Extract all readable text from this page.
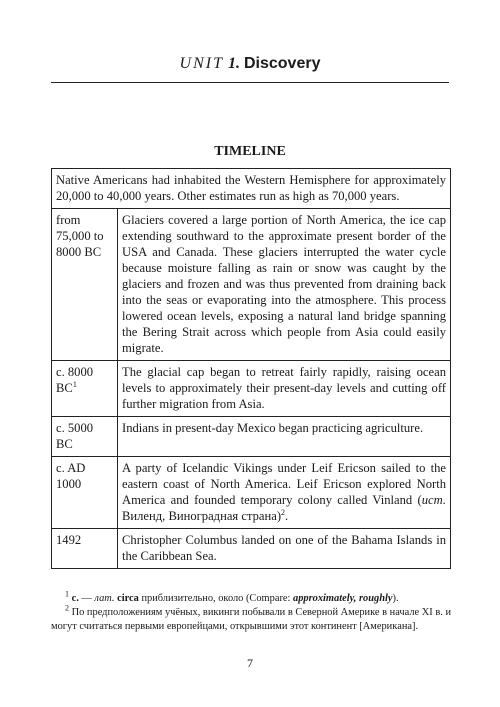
UNIT 1. Discovery
TIMELINE
Native Americans had inhabited the Western Hemisphere for approximately 20,000 to 40,000 years. Other estimates run as high as 70,000 years.	
from 75,000 to 8000 BC	Glaciers covered a large portion of North America, the ice cap extending southward to the approximate present border of the USA and Canada. These glaciers interrupted the water cycle because moisture falling as rain or snow was caught by the glaciers and frozen and was thus prevented from draining back into the seas or evaporating into the atmosphere. This process lowered ocean levels, exposing a natural land bridge spanning the Bering Strait across which people from Asia could easily migrate.
c. 8000 $BC^1$	The glacial cap began to retreat fairly rapidly, raising ocean levels to approximately their present-day levels and cutting off further migration from Asia.
c. 5000 BC	Indians in present-day Mexico began practicing agriculture.
c. AD 1000	A party of Icelandic Vikings under Leif Ericson sailed to the eastern coast of North America. Leif Ericson explored North America and founded temporary colony called Vinland (ист. Виленд, Виноградная страна)$^2$.
1492	Christopher Columbus landed on one of the Bahama Islands in the Caribbean Sea.

$^1$ c. — лат. circa приблизительно, около (Compare: approximately, roughly).

$^2$ По предположениям учёных, викинги побывали в Северной Америке в начале XI в. и могут считаться первыми европейцами, открывшими этот континент [Америкaна].

7
